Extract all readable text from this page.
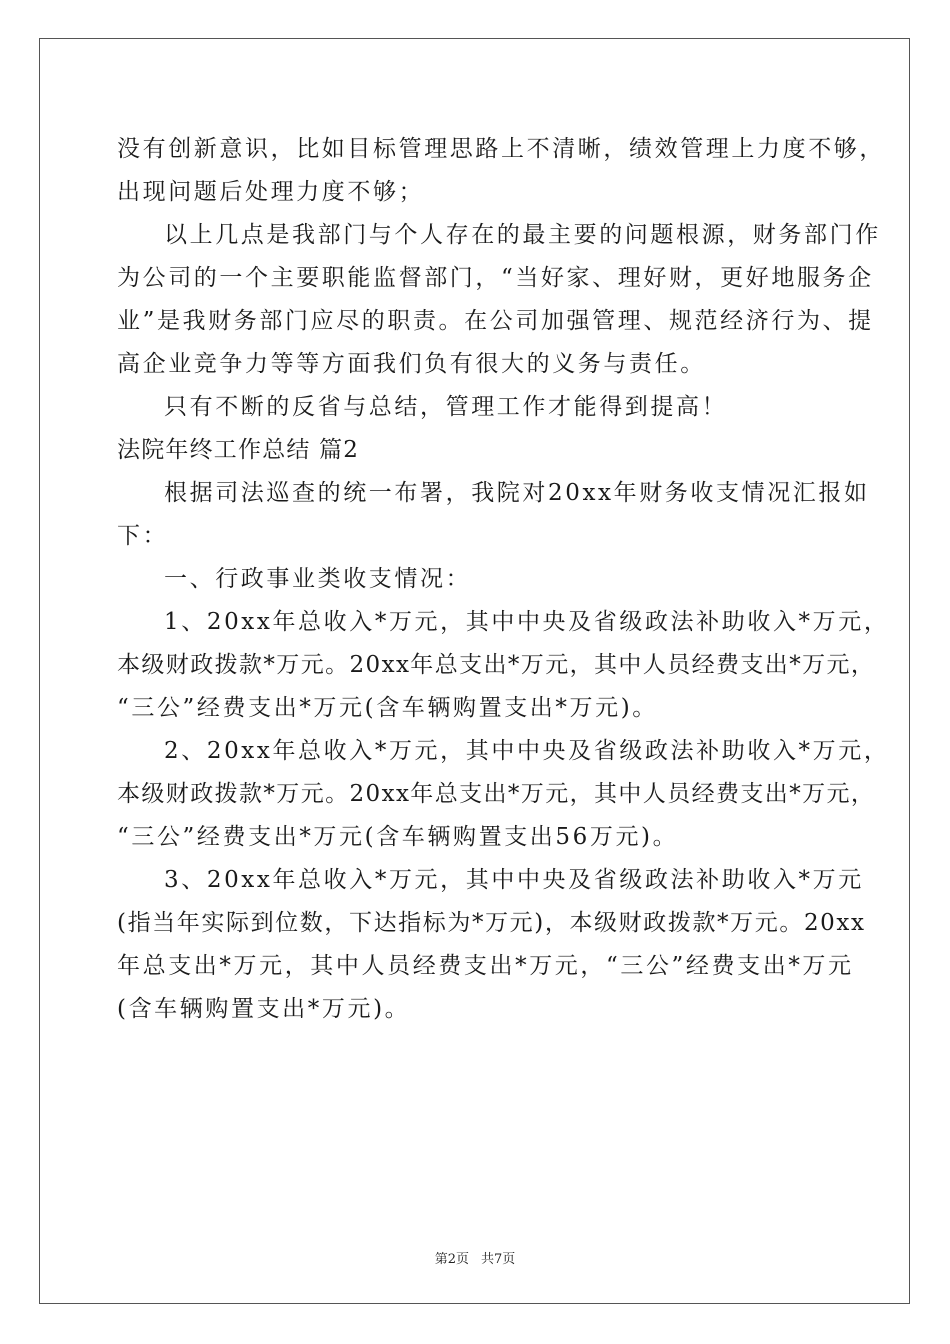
没有创新意识，比如目标管理思路上不清晰，绩效管理上力度不够，
出现问题后处理力度不够；
以上几点是我部门与个人存在的最主要的问题根源，财务部门作
为公司的一个主要职能监督部门，“当好家、理好财，更好地服务企
业”是我财务部门应尽的职责。在公司加强管理、规范经济行为、提
高企业竞争力等等方面我们负有很大的义务与责任。
只有不断的反省与总结，管理工作才能得到提高！
法院年终工作总结 篇2
根据司法巡查的统一布署，我院对20xx年财务收支情况汇报如
下：
一、行政事业类收支情况：
1、20xx年总收入*万元，其中中央及省级政法补助收入*万元，
本级财政拨款*万元。20xx年总支出*万元，其中人员经费支出*万元，
“三公”经费支出*万元(含车辆购置支出*万元)。
2、20xx年总收入*万元，其中中央及省级政法补助收入*万元，
本级财政拨款*万元。20xx年总支出*万元，其中人员经费支出*万元，
“三公”经费支出*万元(含车辆购置支出56万元)。
3、20xx年总收入*万元，其中中央及省级政法补助收入*万元
(指当年实际到位数，下达指标为*万元)，本级财政拨款*万元。20xx
年总支出*万元，其中人员经费支出*万元，“三公”经费支出*万元
(含车辆购置支出*万元)。
第2页 共7页
